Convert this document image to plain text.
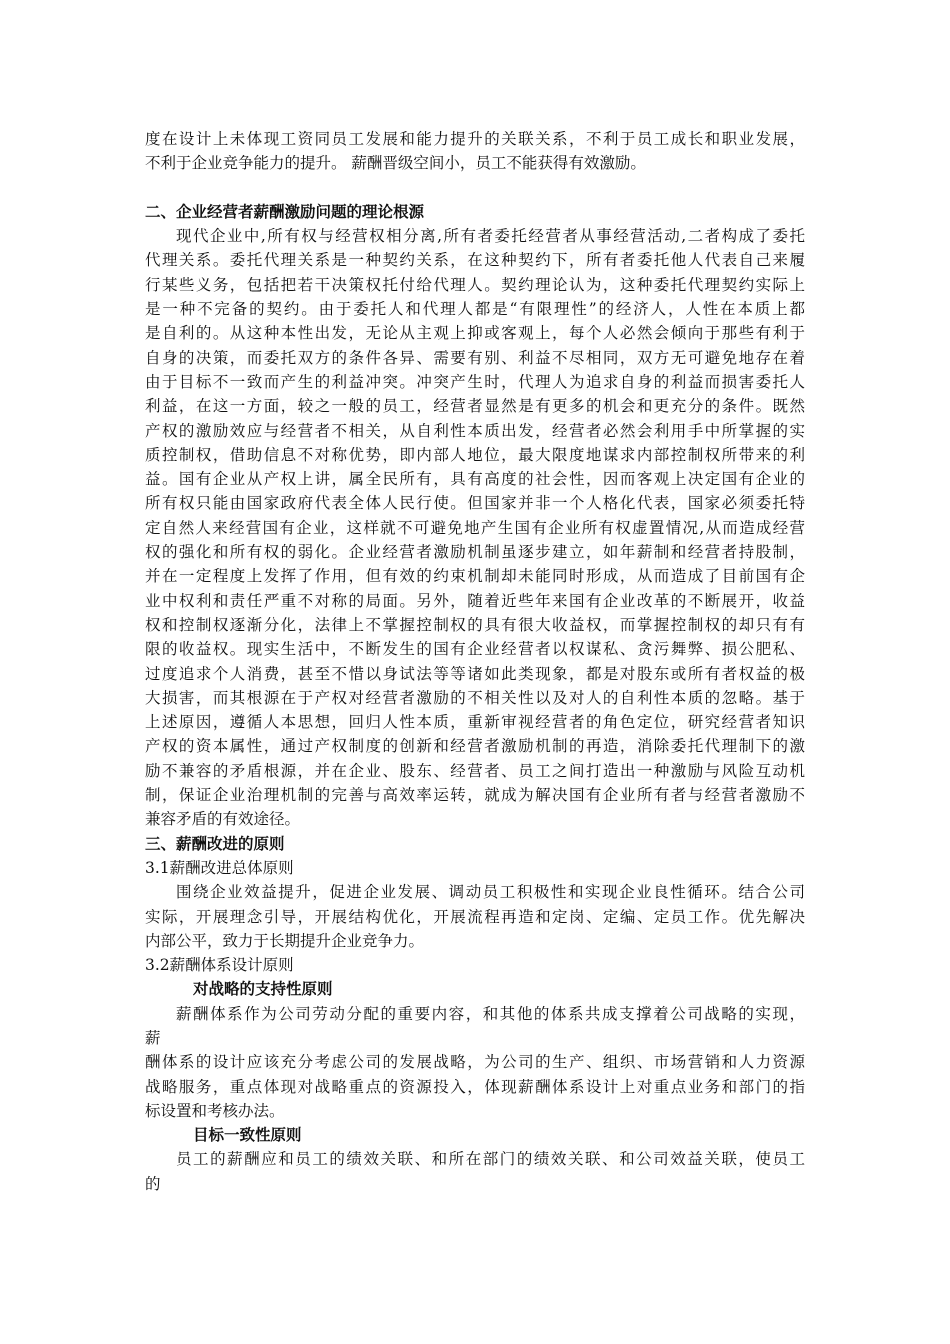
度在设计上未体现工资同员工发展和能力提升的关联关系，不利于员工成长和职业发展，
不利于企业竞争能力的提升。 薪酬晋级空间小，员工不能获得有效激励。
二、企业经营者薪酬激励问题的理论根源
现代企业中,所有权与经营权相分离,所有者委托经营者从事经营活动,二者构成了委托
代理关系。委托代理关系是一种契约关系，在这种契约下，所有者委托他人代表自己来履
行某些义务，包括把若干决策权托付给代理人。契约理论认为，这种委托代理契约实际上
是一种不完备的契约。由于委托人和代理人都是“有限理性”的经济人，人性在本质上都
是自利的。从这种本性出发，无论从主观上抑或客观上，每个人必然会倾向于那些有利于
自身的决策，而委托双方的条件各异、需要有别、利益不尽相同，双方无可避免地存在着
由于目标不一致而产生的利益冲突。冲突产生时，代理人为追求自身的利益而损害委托人
利益，在这一方面，较之一般的员工，经营者显然是有更多的机会和更充分的条件。既然
产权的激励效应与经营者不相关，从自利性本质出发，经营者必然会利用手中所掌握的实
质控制权，借助信息不对称优势，即内部人地位，最大限度地谋求内部控制权所带来的利
益。国有企业从产权上讲，属全民所有，具有高度的社会性，因而客观上决定国有企业的
所有权只能由国家政府代表全体人民行使。但国家并非一个人格化代表，国家必须委托特
定自然人来经营国有企业，这样就不可避免地产生国有企业所有权虚置情况,从而造成经营
权的强化和所有权的弱化。企业经营者激励机制虽逐步建立，如年薪制和经营者持股制，
并在一定程度上发挥了作用，但有效的约束机制却未能同时形成，从而造成了目前国有企
业中权利和责任严重不对称的局面。另外，随着近些年来国有企业改革的不断展开，收益
权和控制权逐渐分化，法律上不掌握控制权的具有很大收益权，而掌握控制权的却只有有
限的收益权。现实生活中，不断发生的国有企业经营者以权谋私、贪污舞弊、损公肥私、
过度追求个人消费，甚至不惜以身试法等等诸如此类现象，都是对股东或所有者权益的极
大损害，而其根源在于产权对经营者激励的不相关性以及对人的自利性本质的忽略。基于
上述原因，遵循人本思想，回归人性本质，重新审视经营者的角色定位，研究经营者知识
产权的资本属性，通过产权制度的创新和经营者激励机制的再造，消除委托代理制下的激
励不兼容的矛盾根源，并在企业、股东、经营者、员工之间打造出一种激励与风险互动机
制，保证企业治理机制的完善与高效率运转，就成为解决国有企业所有者与经营者激励不
兼容矛盾的有效途径。
三、薪酬改进的原则
3.1薪酬改进总体原则
围绕企业效益提升，促进企业发展、调动员工积极性和实现企业良性循环。结合公司
实际，开展理念引导，开展结构优化，开展流程再造和定岗、定编、定员工作。优先解决
内部公平，致力于长期提升企业竞争力。
3.2薪酬体系设计原则
对战略的支持性原则
薪酬体系作为公司劳动分配的重要内容，和其他的体系共成支撑着公司战略的实现，
薪
酬体系的设计应该充分考虑公司的发展战略，为公司的生产、组织、市场营销和人力资源
战略服务，重点体现对战略重点的资源投入，体现薪酬体系设计上对重点业务和部门的指
标设置和考核办法。
目标一致性原则
员工的薪酬应和员工的绩效关联、和所在部门的绩效关联、和公司效益关联，使员工
的
